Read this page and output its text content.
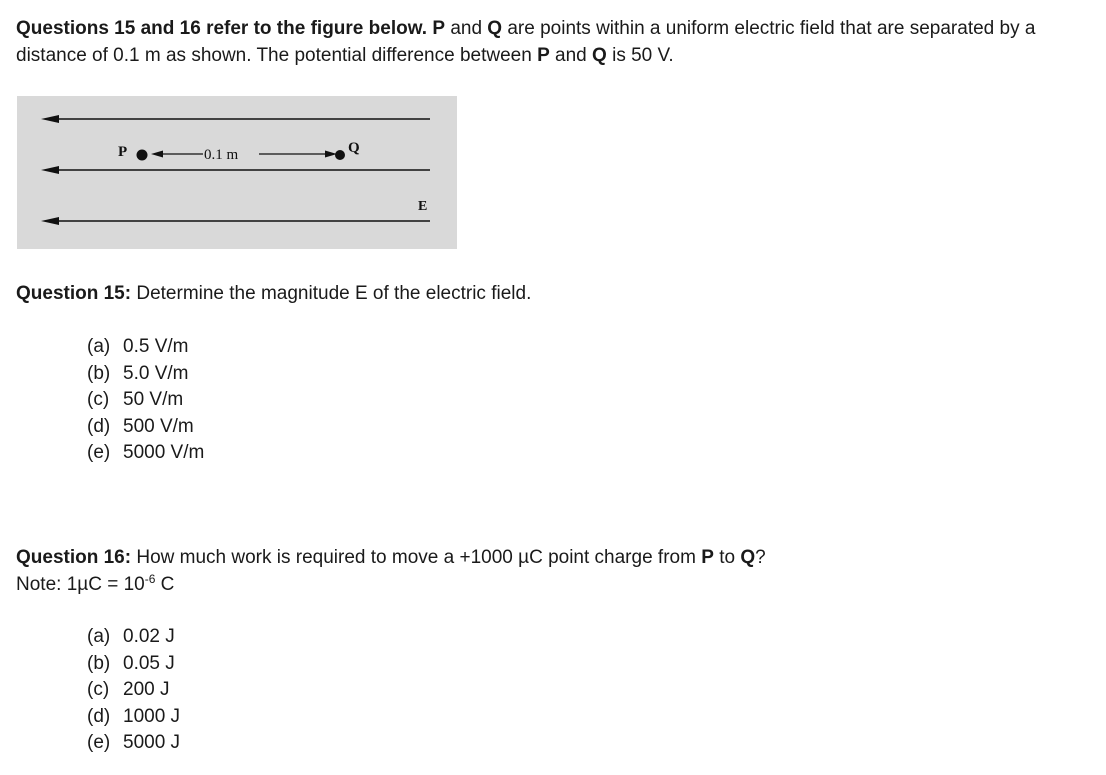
Questions 15 and 16 refer to the figure below. P and Q are points within a uniform electric field that are separated by a distance of 0.1 m as shown. The potential difference between P and Q is 50 V.
P	0.1 m	Q
E
Question 15: Determine the magnitude E of the electric field.
(a) 0.5 V/m
(b) 5.0 V/m
(c) 50 V/m
(d) 500 V/m
(e) 5000 V/m
Question 16: How much work is required to move a +1000 µC point charge from P to Q?
Note: $1\mu C = 10^{-6}$ C
(a) 0.02 J
(b) 0.05 J
(c) 200 J
(d) 1000 J
(e) 5000 J
